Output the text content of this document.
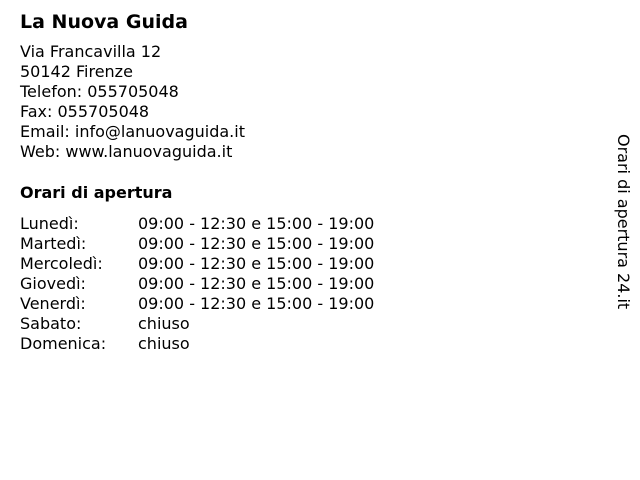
La Nuova Guida
Via Francavilla 12
50142 Firenze
Telefon: 055705048
Fax: 055705048
Email: info@lanuovaguida.it
Web: www.lanuovaguida.it
Orari di apertura
Lunedì:	09:00 - 12:30 e 15:00 - 19:00
Martedì:	09:00 - 12:30 e 15:00 - 19:00
Mercoledì:	09:00 - 12:30 e 15:00 - 19:00
Giovedì:	09:00 - 12:30 e 15:00 - 19:00
Venerdì:	09:00 - 12:30 e 15:00 - 19:00
Sabato:	chiuso
Domenica:	chiuso
Orari di apertura 24.it
